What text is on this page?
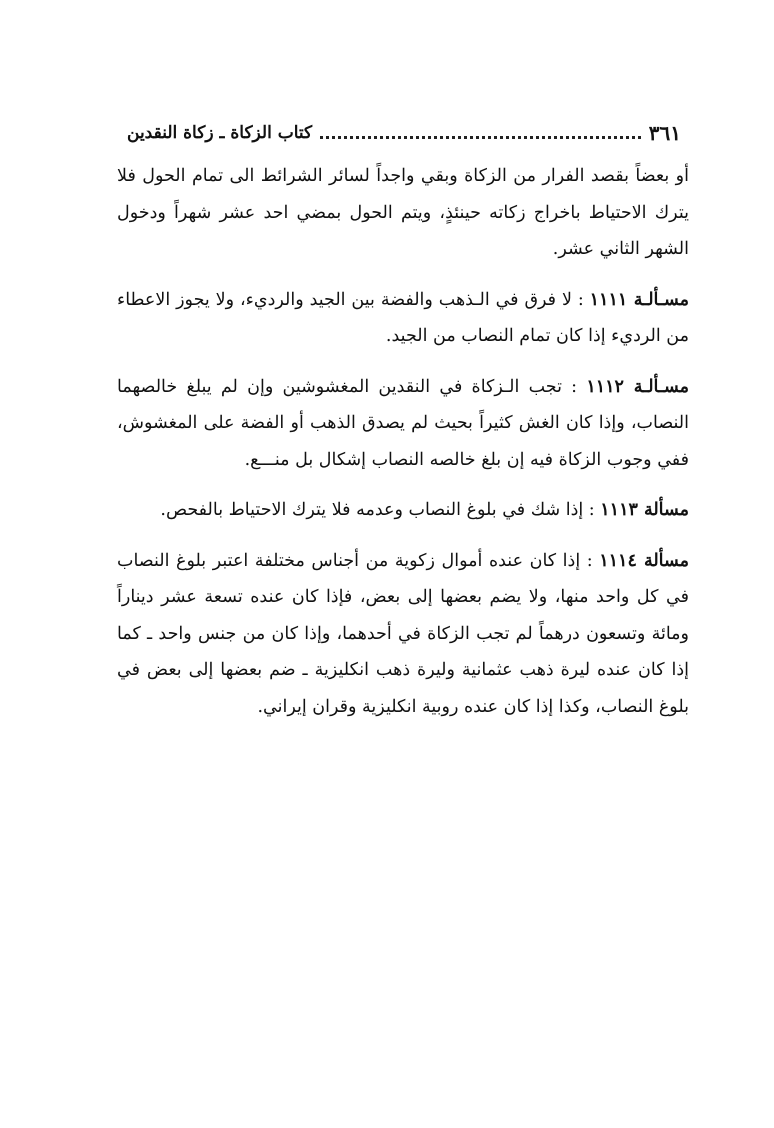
كتاب الزكاة ـ زكاة النقدين	٣٦١

أو بعضاً بقصد الفرار من الزكاة وبقي واجداً لسائر الشرائط الى تمام الحول فلا يترك الاحتياط باخراج زكاته حينئذٍ، ويتم الحول بمضي احد عشر شهراً ودخول الشهر الثاني عشر.

مسـألـة ١١١١ : لا فرق في الـذهب والفضة بين الجيد والرديء، ولا يجوز الاعطاء من الرديء إذا كان تمام النصاب من الجيد.

مسـألـة ١١١٢ : تجب الـزكاة في النقدين المغشوشين وإن لم يبلغ خالصهما النصاب، وإذا كان الغش كثيراً بحيث لم يصدق الذهب أو الفضة على المغشوش، ففي وجوب الزكاة فيه إن بلغ خالصه النصاب إشكال بل منـــع.

مسألة ١١١٣ : إذا شك في بلوغ النصاب وعدمه فلا يترك الاحتياط بالفحص.

مسألة ١١١٤ : إذا كان عنده أموال زكوية من أجناس مختلفة اعتبر بلوغ النصاب في كل واحد منها، ولا يضم بعضها إلى بعض، فإذا كان عنده تسعة عشر ديناراً ومائة وتسعون درهماً لم تجب الزكاة في أحدهما، وإذا كان من جنس واحد ـ كما إذا كان عنده ليرة ذهب عثمانية وليرة ذهب انكليزية ـ ضم بعضها إلى بعض في بلوغ النصاب، وكذا إذا كان عنده روبية انكليزية وقران إيراني.
